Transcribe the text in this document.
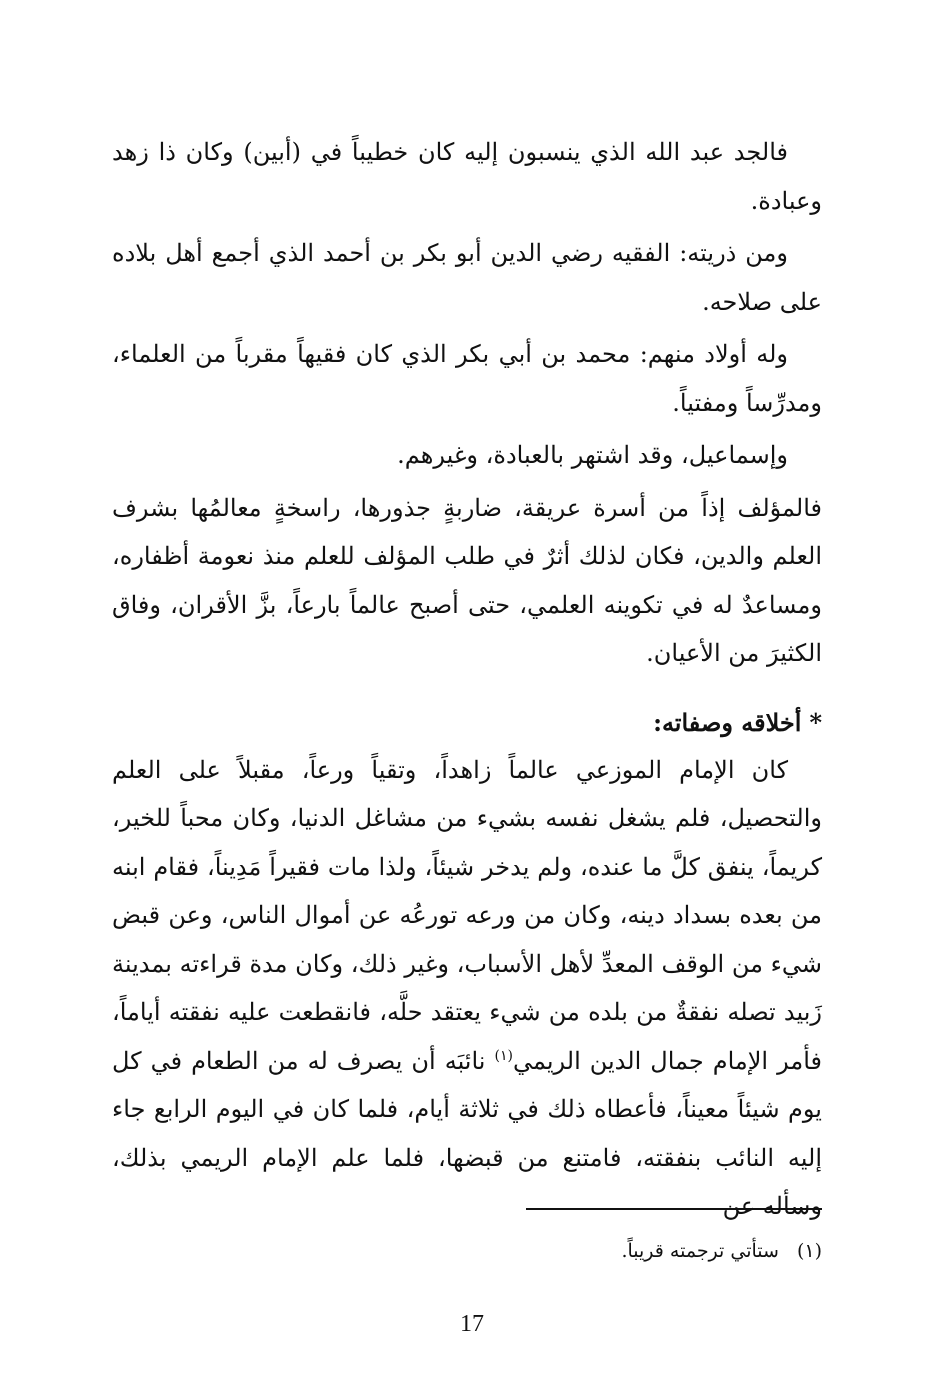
فالجد عبد الله الذي ينسبون إليه كان خطيباً في (أبين) وكان ذا زهد وعبادة.

ومن ذريته: الفقيه رضي الدين أبو بكر بن أحمد الذي أجمع أهل بلاده على صلاحه.

وله أولاد منهم: محمد بن أبي بكر الذي كان فقيهاً مقرباً من العلماء، ومدرِّساً ومفتياً.

وإسماعيل، وقد اشتهر بالعبادة، وغيرهم.

فالمؤلف إذاً من أسرة عريقة، ضاربةٍ جذورها، راسخةٍ معالمُها بشرف العلم والدين، فكان لذلك أثرٌ في طلب المؤلف للعلم منذ نعومة أظفاره، ومساعدٌ له في تكوينه العلمي، حتى أصبح عالماً بارعاً، بزَّ الأقران، وفاق الكثيرَ من الأعيان.

*أخلاقه وصفاته:

كان الإمام الموزعي عالماً زاهداً، وتقياً ورعاً، مقبلاً على العلم والتحصيل، فلم يشغل نفسه بشيء من مشاغل الدنيا، وكان محباً للخير، كريماً، ينفق كلَّ ما عنده، ولم يدخر شيئاً، ولذا مات فقيراً مَدِيناً، فقام ابنه من بعده بسداد دينه، وكان من ورعه تورعُه عن أموال الناس، وعن قبض شيء من الوقف المعدِّ لأهل الأسباب، وغير ذلك، وكان مدة قراءته بمدينة زَبيد تصله نفقةٌ من بلده من شيء يعتقد حلَّه، فانقطعت عليه نفقته أياماً، فأمر الإمام جمال الدين الريمي$^{(١)}$ نائبَه أن يصرف له من الطعام في كل يوم شيئاً معيناً، فأعطاه ذلك في ثلاثة أيام، فلما كان في اليوم الرابع جاء إليه النائب بنفقته، فامتنع من قبضها، فلما علم الإمام الريمي بذلك، وسأله عن

(١)ستأتي ترجمته قريباً.
17
